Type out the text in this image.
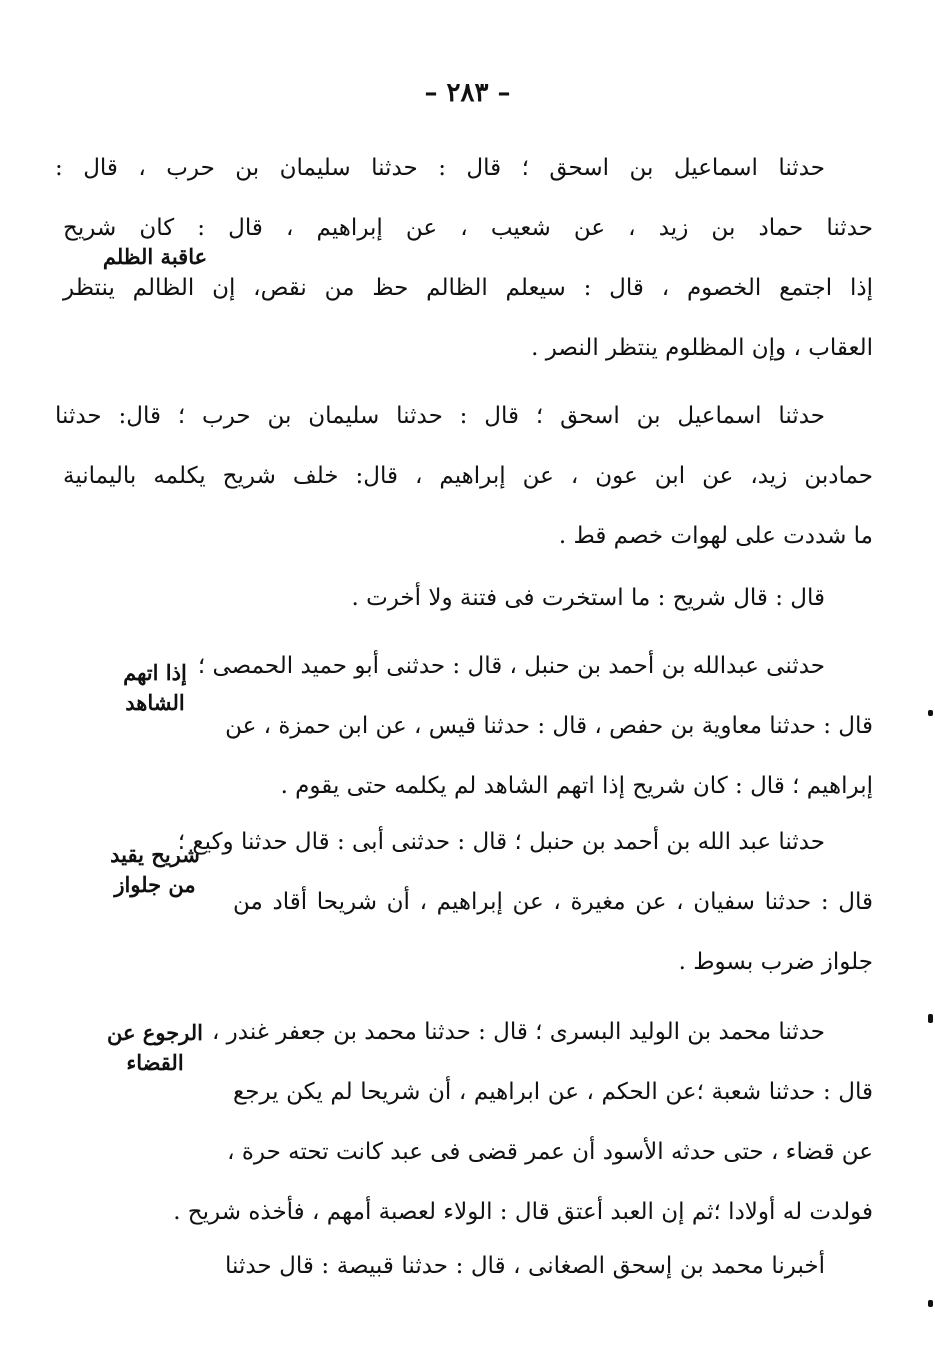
– ٢٨٣ –
حدثنا اسماعيل بن اسحق ؛ قال : حدثنا سليمان بن حرب ، قال :
حدثنا حماد بن زيد ، عن شعيب ، عن إبراهيم ، قال : كان شريح
إذا اجتمع الخصوم ، قال : سيعلم الظالم حظ من نقص، إن الظالم ينتظر
العقاب ، وإن المظلوم ينتظر النصر .
عاقبة الظلم
حدثنا اسماعيل بن اسحق ؛ قال : حدثنا سليمان بن حرب ؛ قال: حدثنا
حمادبن زيد، عن ابن عون ، عن إبراهيم ، قال: خلف شريح يكلمه باليمانية
ما شددت على لهوات خصم قط .
قال : قال شريح : ما استخرت فى فتنة ولا أخرت .
حدثنى عبدالله بن أحمد بن حنبل ، قال : حدثنى أبو حميد الحمصى ؛
قال : حدثنا معاوية بن حفص ، قال : حدثنا قيس ، عن ابن حمزة ، عن
إبراهيم ؛ قال : كان شريح إذا اتهم الشاهد لم يكلمه حتى يقوم .
إذا اتهم الشاهد
حدثنا عبد الله بن أحمد بن حنبل ؛ قال : حدثنى أبى : قال حدثنا وكيع ؛
قال : حدثنا سفيان ، عن مغيرة ، عن إبراهيم ، أن شريحا أقاد من
جلواز ضرب بسوط .
شريح يقيد من جلواز
حدثنا محمد بن الوليد البسرى ؛ قال : حدثنا محمد بن جعفر غندر ،
قال : حدثنا شعبة ؛عن الحكم ، عن ابراهيم ، أن شريحا لم يكن يرجع
عن قضاء ، حتى حدثه الأسود أن عمر قضى فى عبد كانت تحته حرة ،
فولدت له أولادا ؛ثم إن العبد أعتق قال : الولاء لعصبة أمهم ، فأخذه شريح .
الرجوع عن القضاء
أخبرنا محمد بن إسحق الصغانى ، قال : حدثنا قبيصة : قال حدثنا
